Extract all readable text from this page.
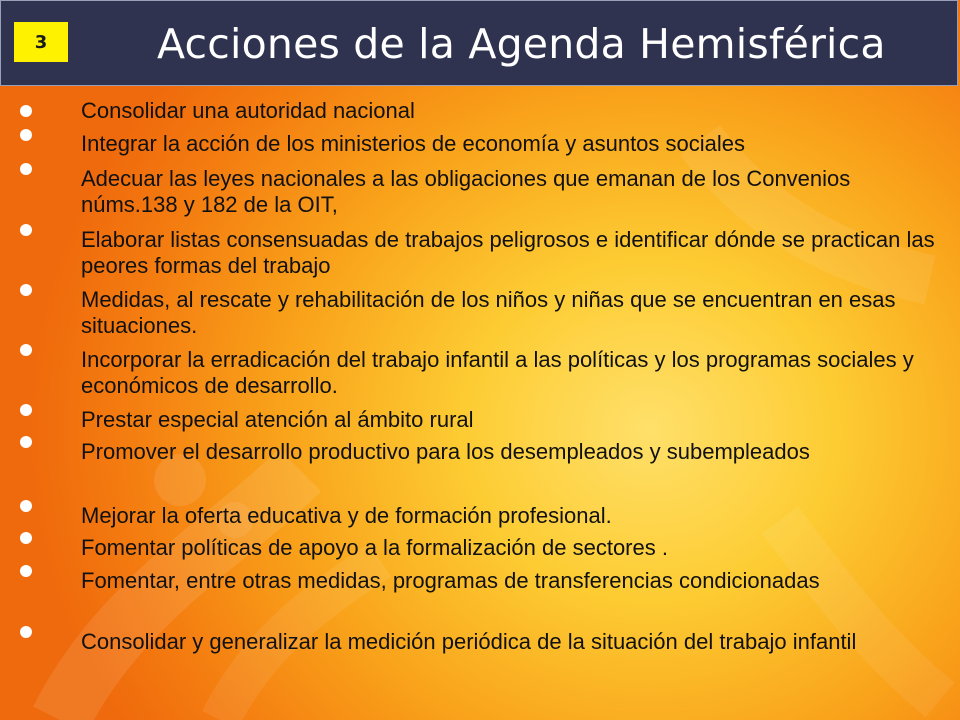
3	Acciones de la Agenda Hemisférica
Consolidar una autoridad nacional
Integrar la acción de los ministerios de economía y asuntos sociales
Adecuar las leyes nacionales a las obligaciones que emanan de los Convenios núms.138 y 182 de la OIT,
Elaborar listas consensuadas de trabajos peligrosos e identificar dónde se practican las peores formas del trabajo
Medidas, al rescate y rehabilitación de los niños y niñas que se encuentran en esas situaciones.
Incorporar la erradicación del trabajo infantil a las políticas y los programas sociales y económicos de desarrollo.
Prestar especial atención al ámbito rural
Promover el desarrollo productivo para los desempleados y subempleados
Mejorar la oferta educativa y de formación profesional.
Fomentar políticas de apoyo a la formalización de sectores .
Fomentar, entre otras medidas, programas de transferencias condicionadas
Consolidar y generalizar la medición periódica de la situación del trabajo infantil
